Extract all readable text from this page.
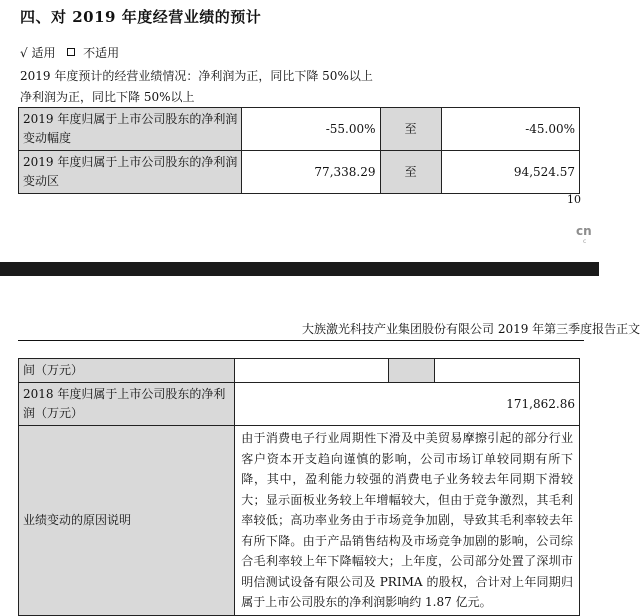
四、对 2019 年度经营业绩的预计
√ 适用 不适用
2019 年度预计的经营业绩情况：净利润为正，同比下降 50%以上
净利润为正，同比下降 50%以上
2019 年度归属于上市公司股东的净利润变动幅度	-55.00%	至	-45.00%
2019 年度归属于上市公司股东的净利润变动区	77,338.29	至	94,524.57
10
cn
c
大族激光科技产业集团股份有限公司 2019 年第三季度报告正文
间（万元）			
2018 年度归属于上市公司股东的净利润（万元）	171,862.86		
业绩变动的原因说明	由于消费电子行业周期性下滑及中美贸易摩擦引起的部分行业客户资本开支趋向谨慎的影响，公司市场订单较同期有所下降，其中，盈利能力较强的消费电子业务较去年同期下滑较大；显示面板业务较上年增幅较大，但由于竞争激烈，其毛利率较低；高功率业务由于市场竞争加剧，导致其毛利率较去年有所下降。由于产品销售结构及市场竞争加剧的影响，公司综合毛利率较上年下降幅较大；上年度，公司部分处置了深圳市明信测试设备有限公司及 PRIMA 的股权，合计对上年同期归属于上市公司股东的净利润影响约 1.87 亿元。		
